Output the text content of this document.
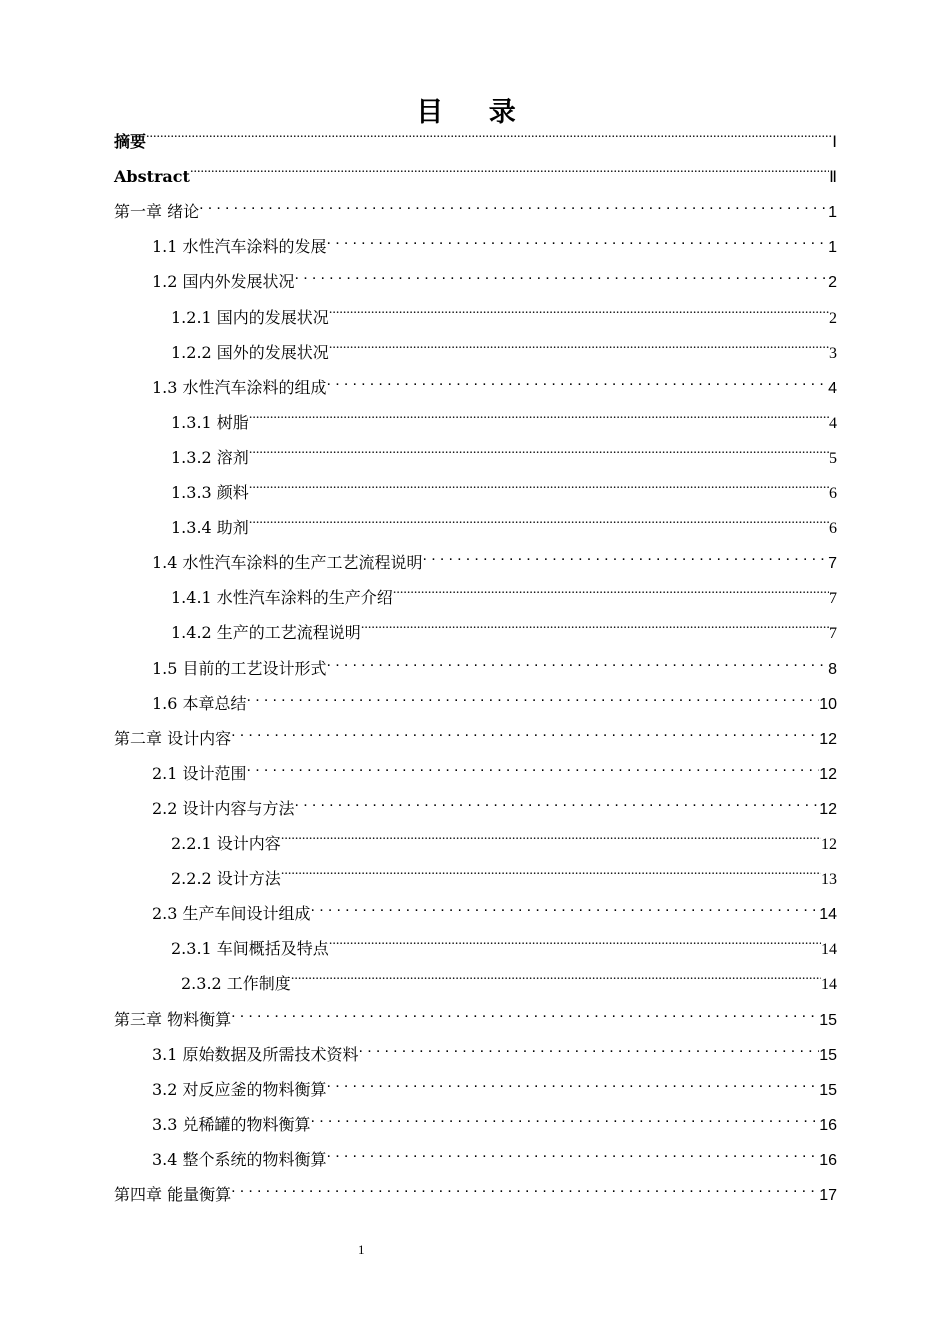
目 录
摘要 .....	Ⅰ
Abstract .....	Ⅱ
第一章 绪论 .....	1
1.1 水性汽车涂料的发展 .....	1
1.2 国内外发展状况 .....	2
1.2.1 国内的发展状况 .....	2
1.2.2 国外的发展状况 .....	3
1.3 水性汽车涂料的组成 .....	4
1.3.1 树脂 .....	4
1.3.2 溶剂 .....	5
1.3.3 颜料 .....	6
1.3.4 助剂 .....	6
1.4 水性汽车涂料的生产工艺流程说明 .....	7
1.4.1 水性汽车涂料的生产介绍 .....	7
1.4.2 生产的工艺流程说明 .....	7
1.5 目前的工艺设计形式 .....	8
1.6 本章总结 .....	10
第二章 设计内容 .....	12
2.1 设计范围 .....	12
2.2 设计内容与方法 .....	12
2.2.1 设计内容 .....	12
2.2.2 设计方法 .....	13
2.3 生产车间设计组成 .....	14
2.3.1 车间概括及特点 .....	14
2.3.2 工作制度 .....	14
第三章 物料衡算 .....	15
3.1 原始数据及所需技术资料 .....	15
3.2 对反应釜的物料衡算 .....	15
3.3 兑稀罐的物料衡算 .....	16
3.4 整个系统的物料衡算 .....	16
第四章 能量衡算 .....	17
1
